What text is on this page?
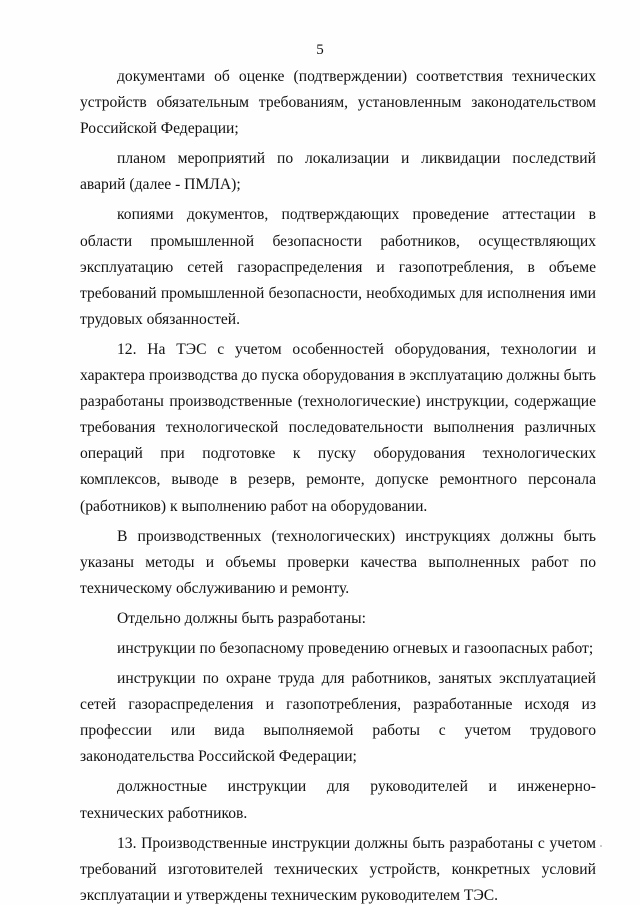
5

документами об оценке (подтверждении) соответствия технических устройств обязательным требованиям, установленным законодательством Российской Федерации;

планом мероприятий по локализации и ликвидации последствий аварий (далее - ПМЛА);

копиями документов, подтверждающих проведение аттестации в области промышленной безопасности работников, осуществляющих эксплуатацию сетей газораспределения и газопотребления, в объеме требований промышленной безопасности, необходимых для исполнения ими трудовых обязанностей.

12. На ТЭС с учетом особенностей оборудования, технологии и характера производства до пуска оборудования в эксплуатацию должны быть разработаны производственные (технологические) инструкции, содержащие требования технологической последовательности выполнения различных операций при подготовке к пуску оборудования технологических комплексов, выводе в резерв, ремонте, допуске ремонтного персонала (работников) к выполнению работ на оборудовании.

В производственных (технологических) инструкциях должны быть указаны методы и объемы проверки качества выполненных работ по техническому обслуживанию и ремонту.

Отдельно должны быть разработаны:

инструкции по безопасному проведению огневых и газоопасных работ;

инструкции по охране труда для работников, занятых эксплуатацией сетей газораспределения и газопотребления, разработанные исходя из профессии или вида выполняемой работы с учетом трудового законодательства Российской Федерации;

должностные инструкции для руководителей и инженерно-технических работников.

13. Производственные инструкции должны быть разработаны с учетом требований изготовителей технических устройств, конкретных условий эксплуатации и утверждены техническим руководителем ТЭС.
